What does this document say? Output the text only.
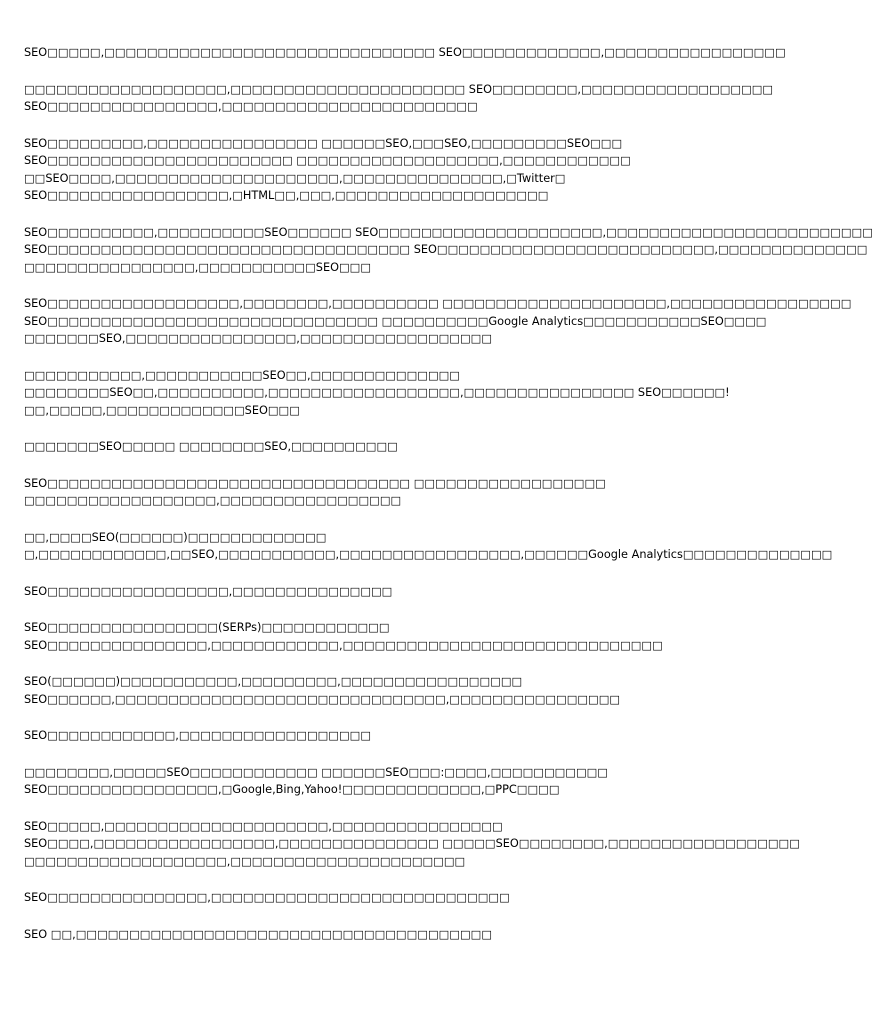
SEO□□□□□,□□□□□□□□□□□□□□□□□□□□□□□□□□□□□□□ SEO□□□□□□□□□□□□□,□□□□□□□□□□□□□□□□□

□□□□□□□□□□□□□□□□□□□,□□□□□□□□□□□□□□□□□□□□□□ SEO□□□□□□□□,□□□□□□□□□□□□□□□□□□
SEO□□□□□□□□□□□□□□□□,□□□□□□□□□□□□□□□□□□□□□□□□

SEO□□□□□□□□□,□□□□□□□□□□□□□□□□ □□□□□□SEO,□□□SEO,□□□□□□□□□SEO□□□
SEO□□□□□□□□□□□□□□□□□□□□□□□ □□□□□□□□□□□□□□□□□□□,□□□□□□□□□□□□
□□SEO□□□□,□□□□□□□□□□□□□□□□□□□□□,□□□□□□□□□□□□□□□,□Twitter□
SEO□□□□□□□□□□□□□□□□□,□HTML□□,□□□,□□□□□□□□□□□□□□□□□□□□

SEO□□□□□□□□□□,□□□□□□□□□□SEO□□□□□□ SEO□□□□□□□□□□□□□□□□□□□□□,□□□□□□□□□□□□□□□□□□□□□□□□□
SEO□□□□□□□□□□□□□□□□□□□□□□□□□□□□□□□□□□ SEO□□□□□□□□□□□□□□□□□□□□□□□□□□,□□□□□□□□□□□□□□
□□□□□□□□□□□□□□□□,□□□□□□□□□□□SEO□□□

SEO□□□□□□□□□□□□□□□□□□,□□□□□□□□,□□□□□□□□□□ □□□□□□□□□□□□□□□□□□□□□,□□□□□□□□□□□□□□□□□
SEO□□□□□□□□□□□□□□□□□□□□□□□□□□□□□□□ □□□□□□□□□□Google Analytics□□□□□□□□□□□SEO□□□□
□□□□□□□SEO,□□□□□□□□□□□□□□□□,□□□□□□□□□□□□□□□□□□

□□□□□□□□□□□,□□□□□□□□□□□SEO□□,□□□□□□□□□□□□□□
□□□□□□□□SEO□□,□□□□□□□□□□,□□□□□□□□□□□□□□□□□□,□□□□□□□□□□□□□□□□ SEO□□□□□□!
□□,□□□□□,□□□□□□□□□□□□□SEO□□□

□□□□□□□SEO□□□□□ □□□□□□□□SEO,□□□□□□□□□□

SEO□□□□□□□□□□□□□□□□□□□□□□□□□□□□□□□□□□ □□□□□□□□□□□□□□□□□□
□□□□□□□□□□□□□□□□□□,□□□□□□□□□□□□□□□□□

□□,□□□□SEO(□□□□□□)□□□□□□□□□□□□□
□,□□□□□□□□□□□□,□□SEO,□□□□□□□□□□□,□□□□□□□□□□□□□□□□□,□□□□□□Google Analytics□□□□□□□□□□□□□□

SEO□□□□□□□□□□□□□□□□□,□□□□□□□□□□□□□□□

SEO□□□□□□□□□□□□□□□□(SERPs)□□□□□□□□□□□□
SEO□□□□□□□□□□□□□□□,□□□□□□□□□□□□,□□□□□□□□□□□□□□□□□□□□□□□□□□□□□□

SEO(□□□□□□)□□□□□□□□□□□,□□□□□□□□□,□□□□□□□□□□□□□□□□□
SEO□□□□□□,□□□□□□□□□□□□□□□□□□□□□□□□□□□□□□□,□□□□□□□□□□□□□□□□

SEO□□□□□□□□□□□□,□□□□□□□□□□□□□□□□□□

□□□□□□□□,□□□□□SEO□□□□□□□□□□□□ □□□□□□SEO□□□:□□□□,□□□□□□□□□□□
SEO□□□□□□□□□□□□□□□□,□Google,Bing,Yahoo!□□□□□□□□□□□□□,□PPC□□□□

SEO□□□□□,□□□□□□□□□□□□□□□□□□□□□,□□□□□□□□□□□□□□□□
SEO□□□□,□□□□□□□□□□□□□□□□□,□□□□□□□□□□□□□□□ □□□□□SEO□□□□□□□□,□□□□□□□□□□□□□□□□□□
□□□□□□□□□□□□□□□□□□□,□□□□□□□□□□□□□□□□□□□□□□

SEO□□□□□□□□□□□□□□□,□□□□□□□□□□□□□□□□□□□□□□□□□□□□

SEO □□,□□□□□□□□□□□□□□□□□□□□□□□□□□□□□□□□□□□□□□□
